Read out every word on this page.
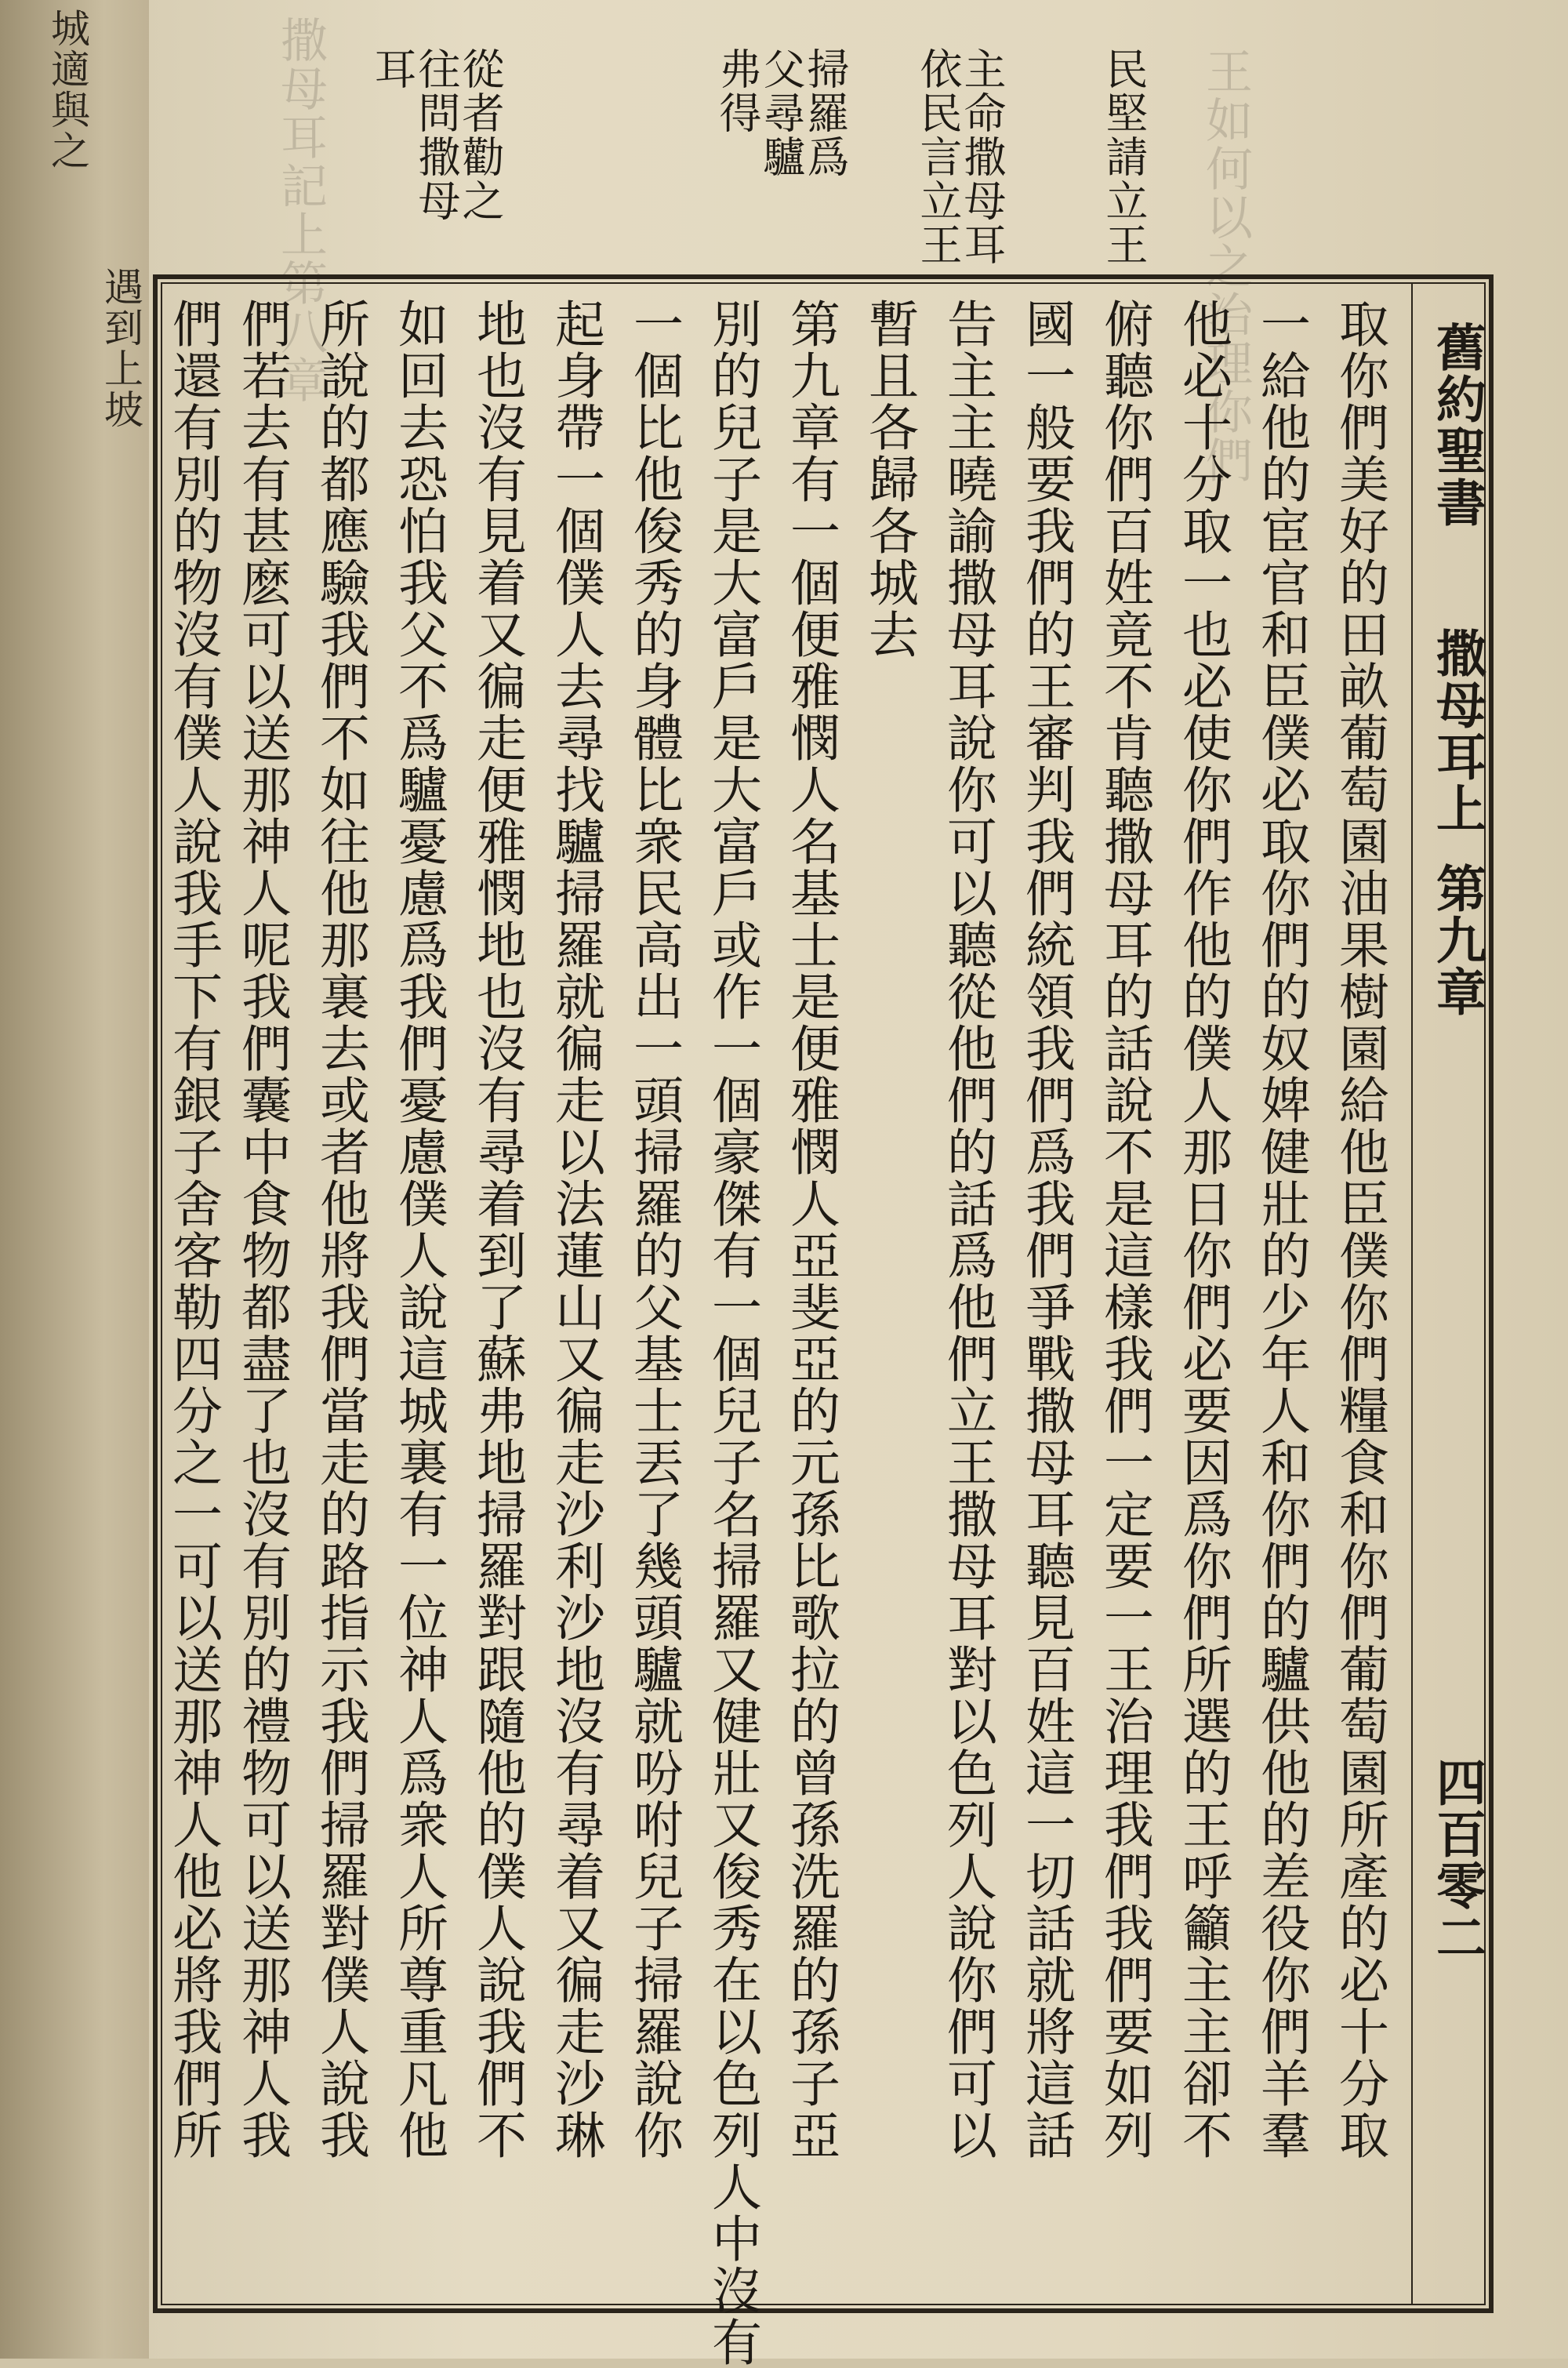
城適與之
遇到上坡	王如何以之治理你們
撒母耳記上第八章	民堅請立王
主命撒母耳依民言立王
掃羅爲父尋驢弗得
從者勸之往問撒母耳
舊約聖書
撒母耳上
第九章
四百零二
取你們美好的田畝葡萄園油果樹園給他臣僕你們糧食和你們葡萄園所產的必十分取
一給他的宦官和臣僕必取你們的奴婢健壯的少年人和你們的驢供他的差役你們羊羣
他必十分取一也必使你們作他的僕人那日你們必要因爲你們所選的王呼籲主主卻不
俯聽你們百姓竟不肯聽撒母耳的話說不是這樣我們一定要一王治理我們我們要如列
國一般要我們的王審判我們統領我們爲我們爭戰撒母耳聽見百姓這一切話就將這話
告主主曉諭撒母耳說你可以聽從他們的話爲他們立王撒母耳對以色列人說你們可以
暫且各歸各城去
第九章有一個便雅憫人名基士是便雅憫人亞斐亞的元孫比歌拉的曾孫洗羅的孫子亞
別的兒子是大富戶是大富戶或作一個豪傑有一個兒子名掃羅又健壯又俊秀在以色列人中沒有
一個比他俊秀的身體比衆民高出一頭掃羅的父基士丟了幾頭驢就吩咐兒子掃羅說你
起身帶一個僕人去尋找驢掃羅就徧走以法蓮山又徧走沙利沙地沒有尋着又徧走沙琳
地也沒有見着又徧走便雅憫地也沒有尋着到了蘇弗地掃羅對跟隨他的僕人說我們不
如回去恐怕我父不爲驢憂慮爲我們憂慮僕人說這城裏有一位神人爲衆人所尊重凡他
所說的都應驗我們不如往他那裏去或者他將我們當走的路指示我們掃羅對僕人說我
們若去有甚麽可以送那神人呢我們囊中食物都盡了也沒有別的禮物可以送那神人我
們還有別的物沒有僕人說我手下有銀子舍客勒四分之一可以送那神人他必將我們所
